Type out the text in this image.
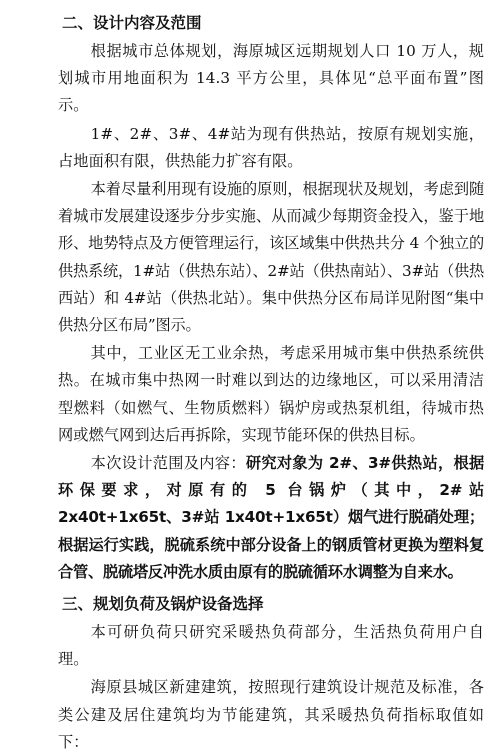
二、设计内容及范围

根据城市总体规划，海原城区远期规划人口 10 万人，规划城市用地面积为 14.3 平方公里，具体见“总平面布置”图示。

1#、2#、3#、4#站为现有供热站，按原有规划实施，占地面积有限，供热能力扩容有限。

本着尽量利用现有设施的原则，根据现状及规划，考虑到随着城市发展建设逐步分步实施、从而减少每期资金投入，鉴于地形、地势特点及方便管理运行，该区域集中供热共分 4 个独立的供热系统，1#站（供热东站）、2#站（供热南站）、3#站（供热西站）和 4#站（供热北站）。集中供热分区布局详见附图“集中供热分区布局”图示。

其中，工业区无工业余热，考虑采用城市集中供热系统供热。在城市集中热网一时难以到达的边缘地区，可以采用清洁型燃料（如燃气、生物质燃料）锅炉房或热泵机组，待城市热网或燃气网到达后再拆除，实现节能环保的供热目标。

本次设计范围及内容：研究对象为 2#、3#供热站，根据环保要求，对原有的 5 台锅炉（其中，2#站 2x40t+1x65t、3#站 1x40t+1x65t）烟气进行脱硝处理；根据运行实践，脱硫系统中部分设备上的钢质管材更换为塑料复合管、脱硫塔反冲洗水质由原有的脱硫循环水调整为自来水。

三、规划负荷及锅炉设备选择

本可研负荷只研究采暖热负荷部分，生活热负荷用户自理。

海原县城区新建建筑，按照现行建筑设计规范及标准，各类公建及居住建筑均为节能建筑，其采暖热负荷指标取值如下：
